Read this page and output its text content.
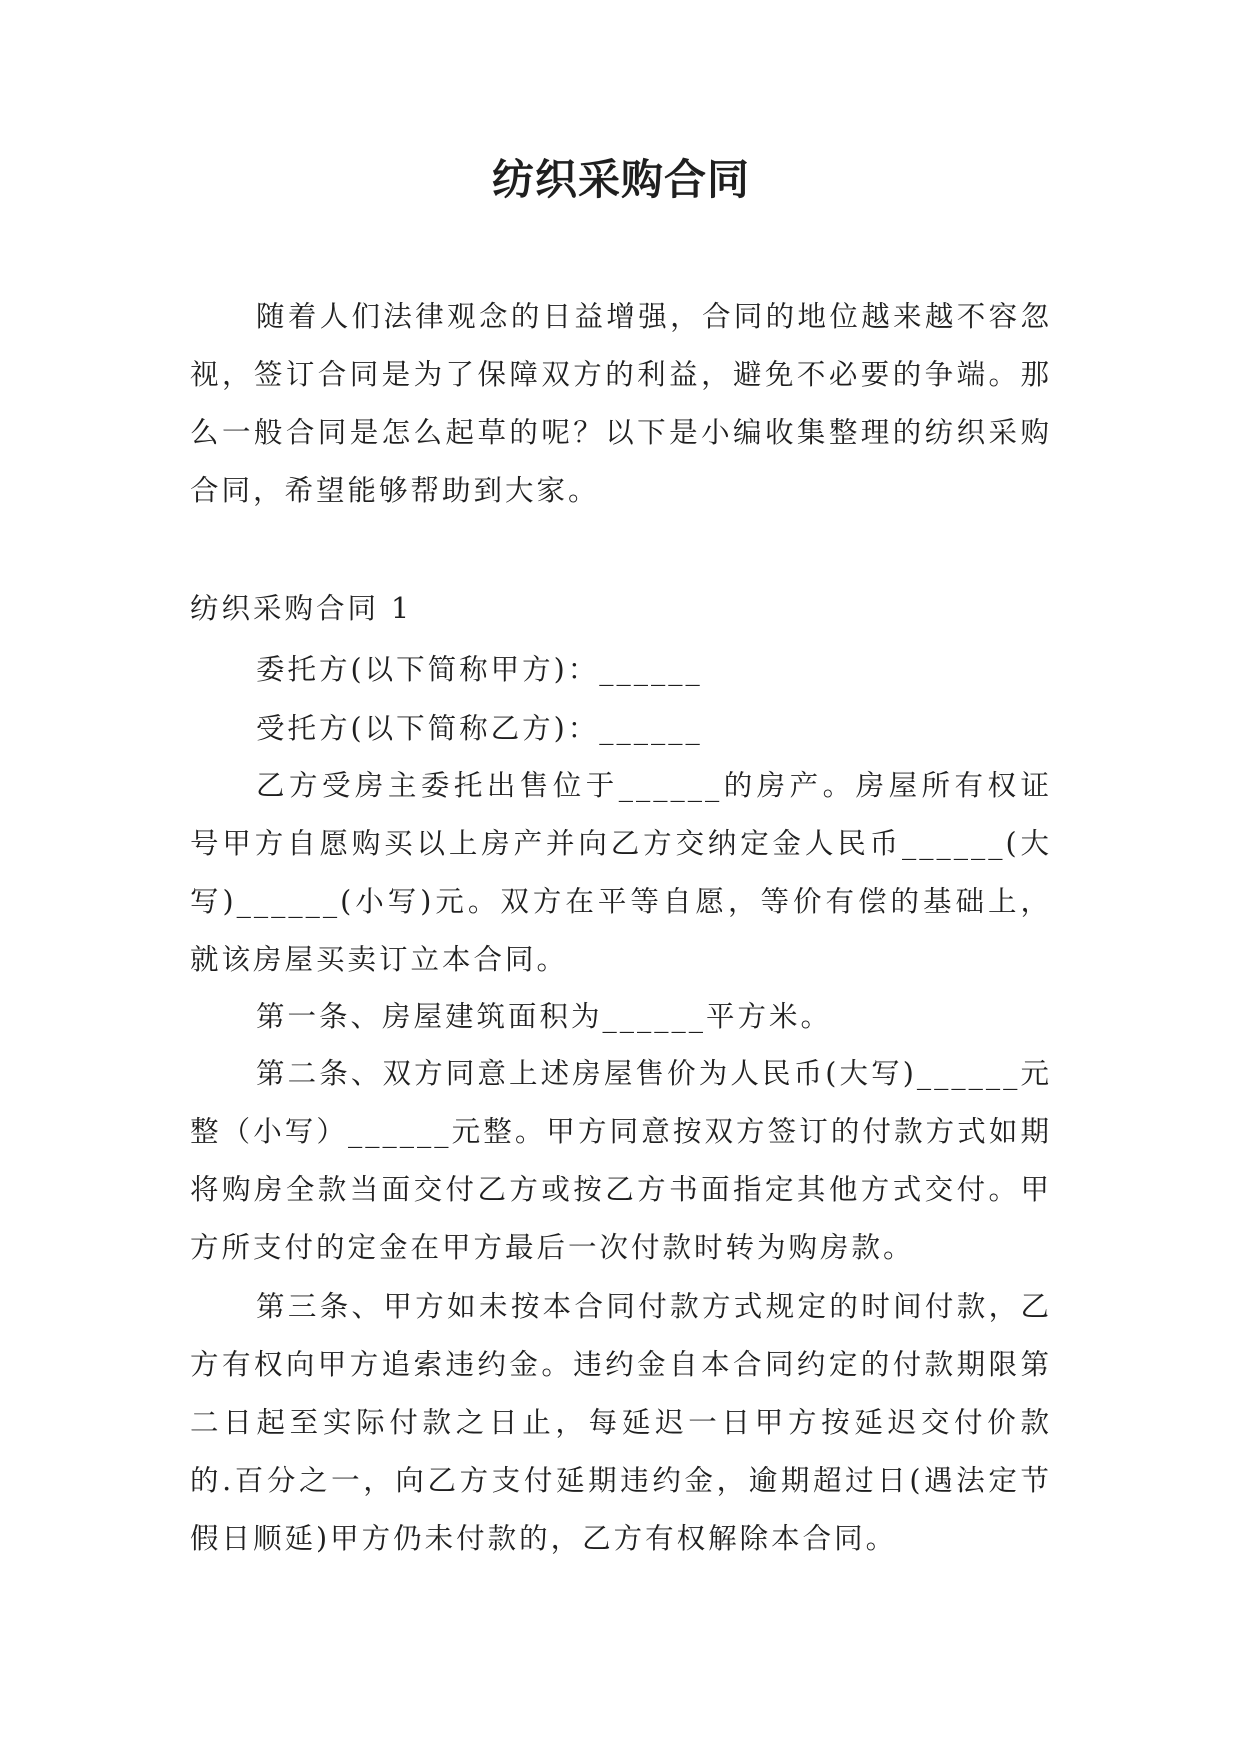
纺织采购合同

随着人们法律观念的日益增强，合同的地位越来越不容忽视，签订合同是为了保障双方的利益，避免不必要的争端。那么一般合同是怎么起草的呢？以下是小编收集整理的纺织采购合同，希望能够帮助到大家。

纺织采购合同 1

委托方(以下简称甲方)：______

受托方(以下简称乙方)：______

乙方受房主委托出售位于______的房产。房屋所有权证号甲方自愿购买以上房产并向乙方交纳定金人民币______(大写)______(小写)元。双方在平等自愿，等价有偿的基础上，就该房屋买卖订立本合同。

第一条、房屋建筑面积为______平方米。

第二条、双方同意上述房屋售价为人民币(大写)______元整（小写）______元整。甲方同意按双方签订的付款方式如期将购房全款当面交付乙方或按乙方书面指定其他方式交付。甲方所支付的定金在甲方最后一次付款时转为购房款。

第三条、甲方如未按本合同付款方式规定的时间付款，乙方有权向甲方追索违约金。违约金自本合同约定的付款期限第二日起至实际付款之日止，每延迟一日甲方按延迟交付价款的.百分之一，向乙方支付延期违约金，逾期超过日(遇法定节假日顺延)甲方仍未付款的，乙方有权解除本合同。
